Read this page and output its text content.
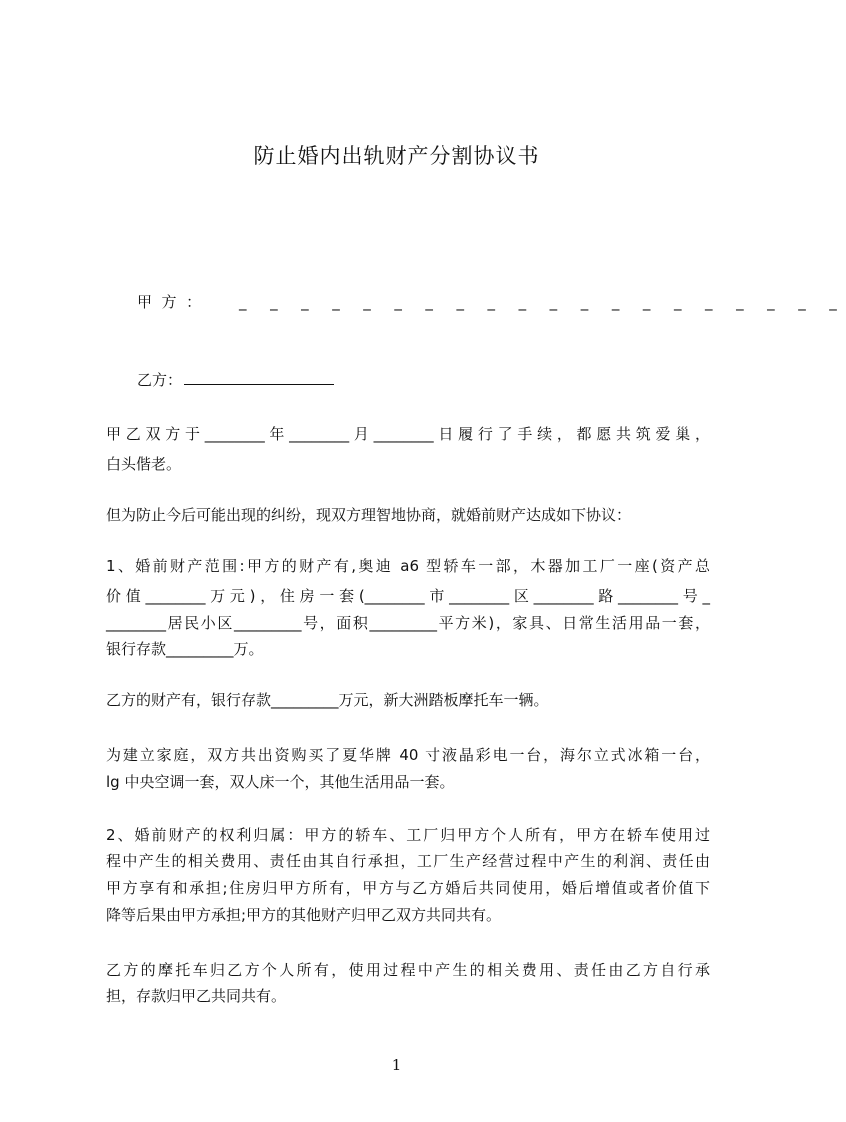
防止婚内出轨财产分割协议书
甲  方  ：	_ _ _ _ _ _ _ _ _ _ _ _ _ _ _ _ _ _ _ _
乙方：
甲乙双方于________年________月________日履行了手续，都愿共筑爱巢，
白头偕老。
但为防止今后可能出现的纠纷，现双方理智地协商，就婚前财产达成如下协议：
1、婚前财产范围:甲方的财产有,奥迪 a6 型轿车一部，木器加工厂一座(资产总
价值________万元)，住房一套(________市________区________路________号_
________居民小区_________号，面积_________平方米)，家具、日常生活用品一套，
银行存款_________万。
乙方的财产有，银行存款_________万元，新大洲踏板摩托车一辆。
为建立家庭，双方共出资购买了夏华牌 40 寸液晶彩电一台，海尔立式冰箱一台，
lg 中央空调一套，双人床一个，其他生活用品一套。
2、婚前财产的权利归属：甲方的轿车、工厂归甲方个人所有，甲方在轿车使用过
程中产生的相关费用、责任由其自行承担，工厂生产经营过程中产生的利润、责任由
甲方享有和承担;住房归甲方所有，甲方与乙方婚后共同使用，婚后增值或者价值下
降等后果由甲方承担;甲方的其他财产归甲乙双方共同共有。
乙方的摩托车归乙方个人所有，使用过程中产生的相关费用、责任由乙方自行承
担，存款归甲乙共同共有。
1
